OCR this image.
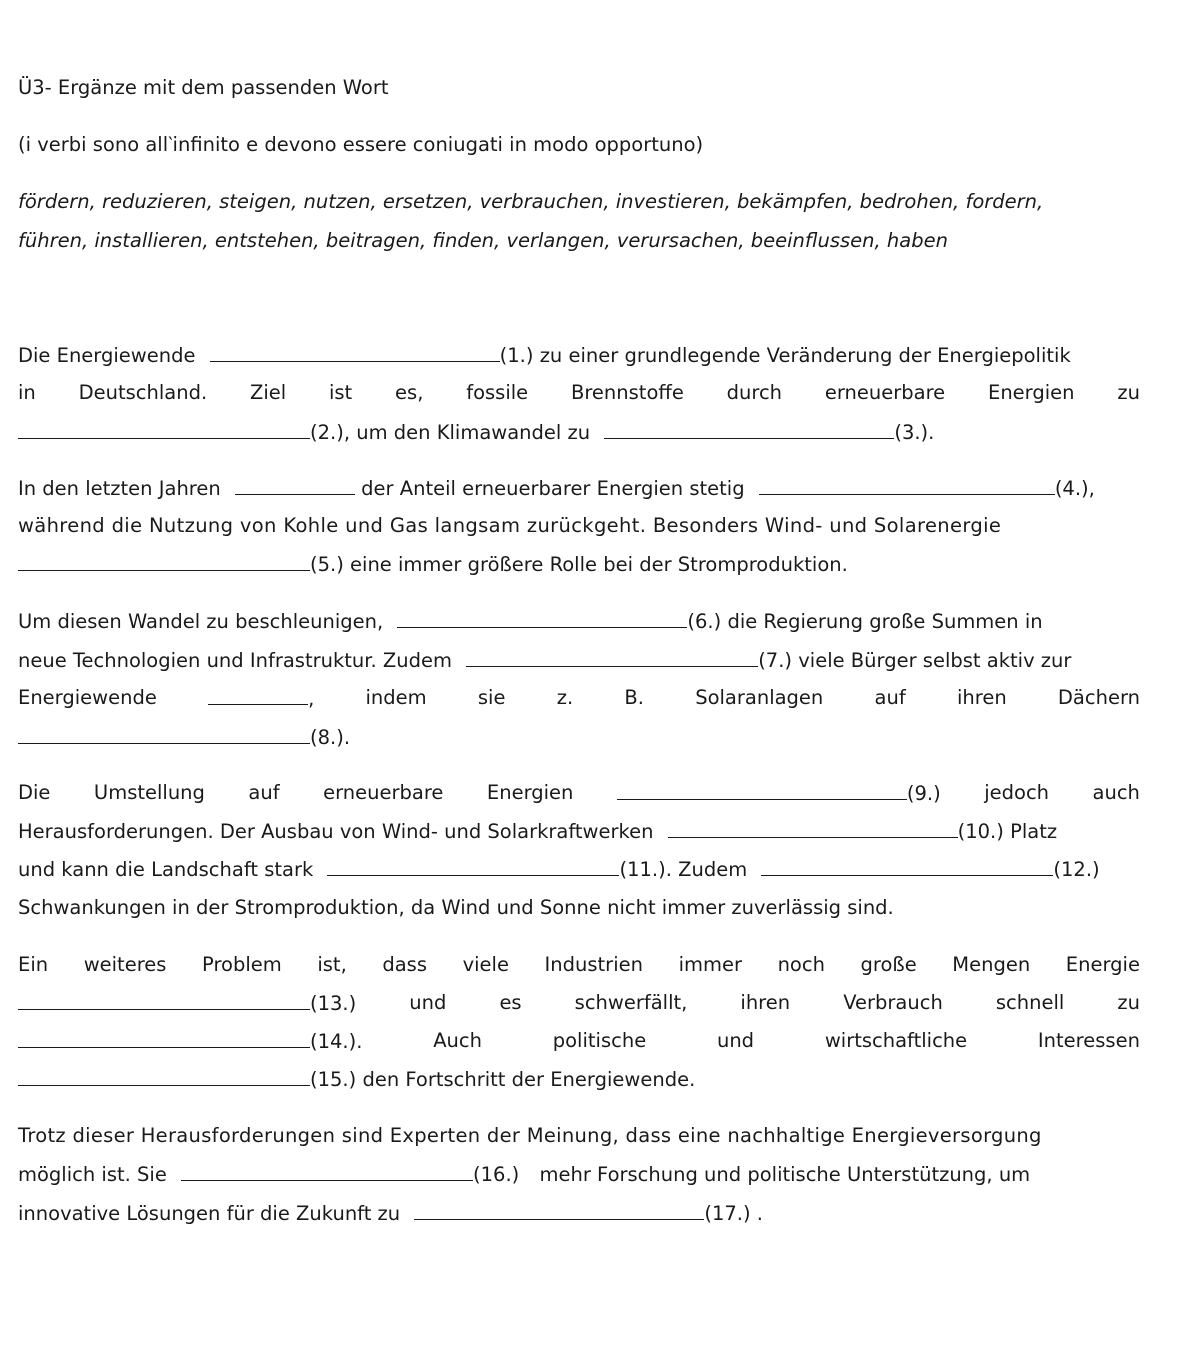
Ü3- Ergänze mit dem passenden Wort
(i verbi sono all‵infinito e devono essere coniugati in modo opportuno)
fördern, reduzieren, steigen, nutzen, ersetzen, verbrauchen, investieren, bekämpfen, bedrohen, fordern,
führen, installieren, entstehen, beitragen, finden, verlangen, verursachen, beeinflussen, haben
Die Energiewende	(1.) zu einer grundlegende Veränderung der Energiepolitik
in Deutschland. Ziel ist es, fossile Brennstoffe durch erneuerbare Energien zu
(2.), um den Klimawandel zu	(3.).
In den letzten Jahren	der Anteil erneuerbarer Energien stetig	(4.),
während die Nutzung von Kohle und Gas langsam zurückgeht. Besonders Wind- und Solarenergie
(5.) eine immer größere Rolle bei der Stromproduktion.
Um diesen Wandel zu beschleunigen,	(6.) die Regierung große Summen in
neue Technologien und Infrastruktur. Zudem	(7.) viele Bürger selbst aktiv zur
Energiewende	,	indem	sie	z.	B.	Solaranlagen	auf	ihren	Dächern
(8.).
Die Umstellung auf erneuerbare Energien	(9.) jedoch auch
Herausforderungen. Der Ausbau von Wind- und Solarkraftwerken	(10.) Platz
und kann die Landschaft stark	(11.). Zudem	(12.)
Schwankungen in der Stromproduktion, da Wind und Sonne nicht immer zuverlässig sind.
Ein weiteres Problem ist, dass viele Industrien immer noch große Mengen Energie
(13.)	und	es	schwerfällt,	ihren	Verbrauch	schnell	zu
(14.).	Auch	politische	und	wirtschaftliche	Interessen
(15.) den Fortschritt der Energiewende.
Trotz dieser Herausforderungen sind Experten der Meinung, dass eine nachhaltige Energieversorgung
möglich ist. Sie	(16.) mehr Forschung und politische Unterstützung, um
innovative Lösungen für die Zukunft zu	(17.) .
